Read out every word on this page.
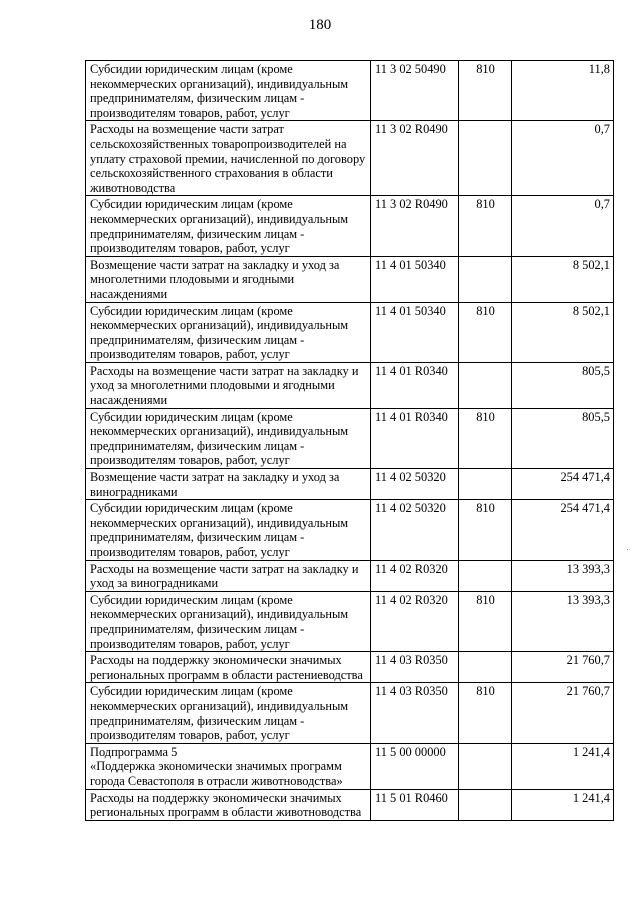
180
Субсидии юридическим лицам (кроме некоммерческих организаций), индивидуальным предпринимателям, физическим лицам - производителям товаров, работ, услуг	11 3 02 50490	810	11,8
Расходы на возмещение части затрат сельскохозяйственных товаропроизводителей на уплату страховой премии, начисленной по договору сельскохозяйственного страхования в области животноводства	11 3 02 R0490		0,7
Субсидии юридическим лицам (кроме некоммерческих организаций), индивидуальным предпринимателям, физическим лицам - производителям товаров, работ, услуг	11 3 02 R0490	810	0,7
Возмещение части затрат на закладку и уход за многолетними плодовыми и ягодными насаждениями	11 4 01 50340		8 502,1
Субсидии юридическим лицам (кроме некоммерческих организаций), индивидуальным предпринимателям, физическим лицам - производителям товаров, работ, услуг	11 4 01 50340	810	8 502,1
Расходы на возмещение части затрат на закладку и уход за многолетними плодовыми и ягодными насаждениями	11 4 01 R0340		805,5
Субсидии юридическим лицам (кроме некоммерческих организаций), индивидуальным предпринимателям, физическим лицам - производителям товаров, работ, услуг	11 4 01 R0340	810	805,5
Возмещение части затрат на закладку и уход за виноградниками	11 4 02 50320		254 471,4
Субсидии юридическим лицам (кроме некоммерческих организаций), индивидуальным предпринимателям, физическим лицам - производителям товаров, работ, услуг	11 4 02 50320	810	254 471,4
Расходы на возмещение части затрат на закладку и уход за виноградниками	11 4 02 R0320		13 393,3
Субсидии юридическим лицам (кроме некоммерческих организаций), индивидуальным предпринимателям, физическим лицам - производителям товаров, работ, услуг	11 4 02 R0320	810	13 393,3
Расходы на поддержку экономически значимых региональных программ в области растениеводства	11 4 03 R0350		21 760,7
Субсидии юридическим лицам (кроме некоммерческих организаций), индивидуальным предпринимателям, физическим лицам - производителям товаров, работ, услуг	11 4 03 R0350	810	21 760,7
Подпрограмма 5
«Поддержка экономически значимых программ города Севастополя в отрасли животноводства»	11 5 00 00000		1 241,4
Расходы на поддержку экономически значимых региональных программ в области животноводства	11 5 01 R0460		1 241,4
